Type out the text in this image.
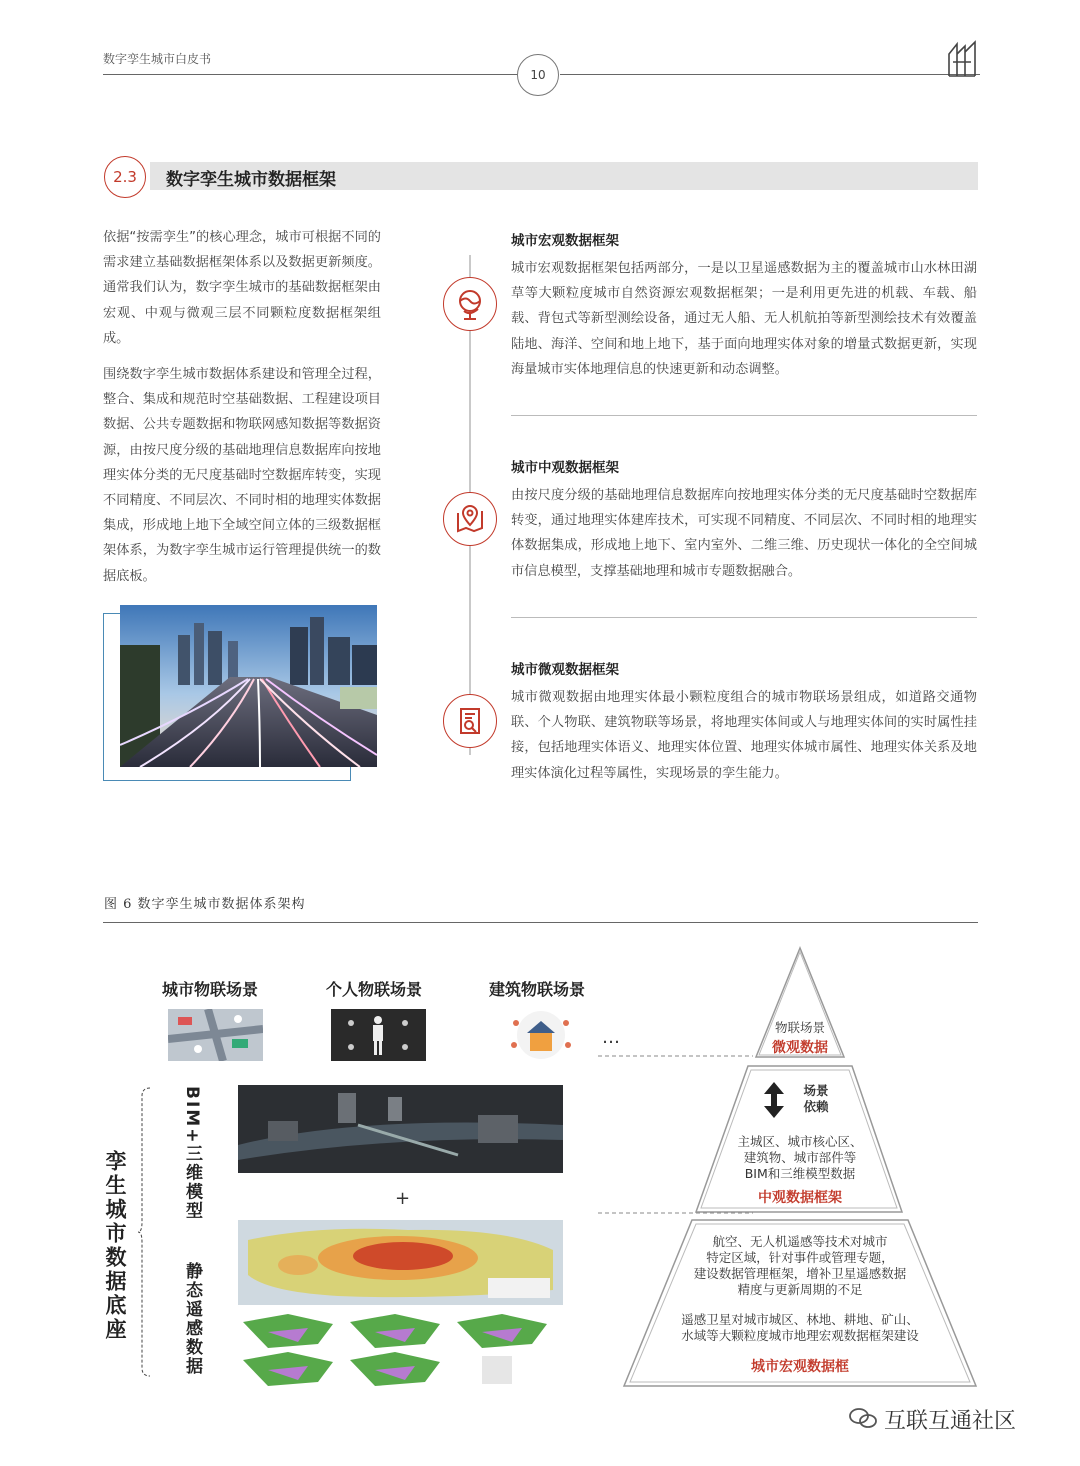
数字孪生城市白皮书
10
2.3	数字孪生城市数据框架
依据“按需孪生”的核心理念，城市可根据不同的需求建立基础数据框架体系以及数据更新频度。通常我们认为，数字孪生城市的基础数据框架由宏观、中观与微观三层不同颗粒度数据框架组成。
围绕数字孪生城市数据体系建设和管理全过程，整合、集成和规范时空基础数据、工程建设项目数据、公共专题数据和物联网感知数据等数据资源，由按尺度分级的基础地理信息数据库向按地理实体分类的无尺度基础时空数据库转变，实现不同精度、不同层次、不同时相的地理实体数据集成，形成地上地下全域空间立体的三级数据框架体系，为数字孪生城市运行管理提供统一的数据底板。
城市宏观数据框架
城市宏观数据框架包括两部分，一是以卫星遥感数据为主的覆盖城市山水林田湖草等大颗粒度城市自然资源宏观数据框架；一是利用更先进的机载、车载、船载、背包式等新型测绘设备，通过无人船、无人机航拍等新型测绘技术有效覆盖陆地、海洋、空间和地上地下，基于面向地理实体对象的增量式数据更新，实现海量城市实体地理信息的快速更新和动态调整。
城市中观数据框架
由按尺度分级的基础地理信息数据库向按地理实体分类的无尺度基础时空数据库转变，通过地理实体建库技术，可实现不同精度、不同层次、不同时相的地理实体数据集成，形成地上地下、室内室外、二维三维、历史现状一体化的全空间城市信息模型，支撑基础地理和城市专题数据融合。
城市微观数据框架
城市微观数据由地理实体最小颗粒度组合的城市物联场景组成，如道路交通物联、个人物联、建筑物联等场景，将地理实体间或人与地理实体间的实时属性挂接，包括地理实体语义、地理实体位置、地理实体城市属性、地理实体关系及地理实体演化过程等属性，实现场景的孪生能力。
图 6 数字孪生城市数据体系架构
城市物联场景	个人物联场景	建筑物联场景
…
孪生城市数据底座	BIM+三维模型
静态遥感数据
+
物联场景
微观数据
场景
依赖
主城区、城市核心区、
建筑物、城市部件等
BIM和三维模型数据
中观数据框架
航空、无人机遥感等技术对城市
特定区域，针对事件或管理专题，
建设数据管理框架，增补卫星遥感数据
精度与更新周期的不足
遥感卫星对城市城区、林地、耕地、矿山、
水域等大颗粒度城市地理宏观数据框架建设
城市宏观数据框
互联互通社区
